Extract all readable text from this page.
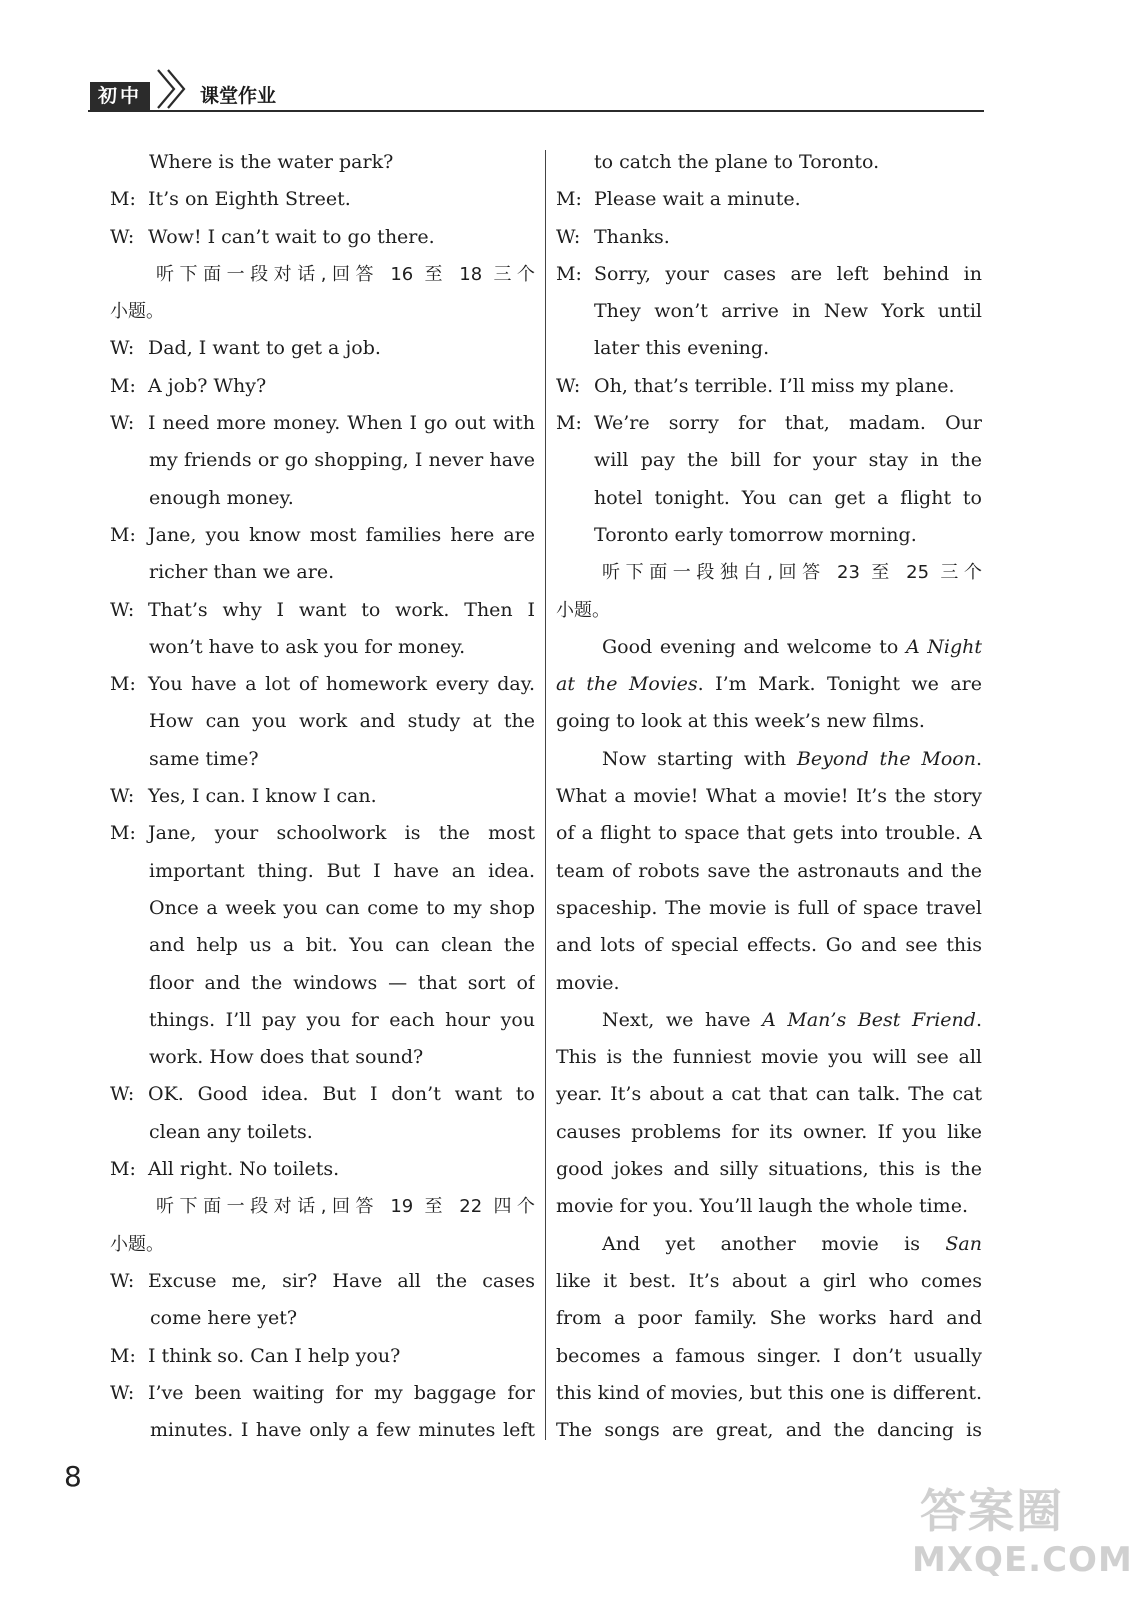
初中	课堂作业
Where is the water park?
M: It’s on Eighth Street.
W: Wow! I can’t wait to go there.
听下面一段对话,回答 16 至 18 三个
小题。
W: Dad, I want to get a job.
M: A job? Why?
W: I need more money. When I go out with
my friends or go shopping, I never have
enough money.
M: Jane, you know most families here are
richer than we are.
W: That’s why I want to work. Then I
won’t have to ask you for money.
M: You have a lot of homework every day.
How can you work and study at the
same time?
W: Yes, I can. I know I can.
M: Jane, your schoolwork is the most
important thing. But I have an idea.
Once a week you can come to my shop
and help us a bit. You can clean the
floor and the windows — that sort of
things. I’ll pay you for each hour you
work. How does that sound?
W: OK. Good idea. But I don’t want to
clean any toilets.
M: All right. No toilets.
听下面一段对话,回答 19 至 22 四个
小题。
W: Excuse me, sir? Have all the cases
come here yet?
M: I think so. Can I help you?
W: I’ve been waiting for my baggage for
minutes. I have only a few minutes left
to catch the plane to Toronto.
M: Please wait a minute.
W: Thanks.
M: Sorry, your cases are left behind in
They won’t arrive in New York until
later this evening.
W: Oh, that’s terrible. I’ll miss my plane.
M: We’re sorry for that, madam. Our
will pay the bill for your stay in the
hotel tonight. You can get a flight to
Toronto early tomorrow morning.
听下面一段独白,回答 23 至 25 三个
小题。
Good evening and welcome to A Night
at the Movies. I’m Mark. Tonight we are
going to look at this week’s new films.
Now starting with Beyond the Moon.
What a movie! What a movie! It’s the story
of a flight to space that gets into trouble. A
team of robots save the astronauts and the
spaceship. The movie is full of space travel
and lots of special effects. Go and see this
movie.
Next, we have A Man’s Best Friend.
This is the funniest movie you will see all
year. It’s about a cat that can talk. The cat
causes problems for its owner. If you like
good jokes and silly situations, this is the
movie for you. You’ll laugh the whole time.
And yet another movie is San
like it best. It’s about a girl who comes
from a poor family. She works hard and
becomes a famous singer. I don’t usually
this kind of movies, but this one is different.
The songs are great, and the dancing is
8
答案圈
MXQE.COM
